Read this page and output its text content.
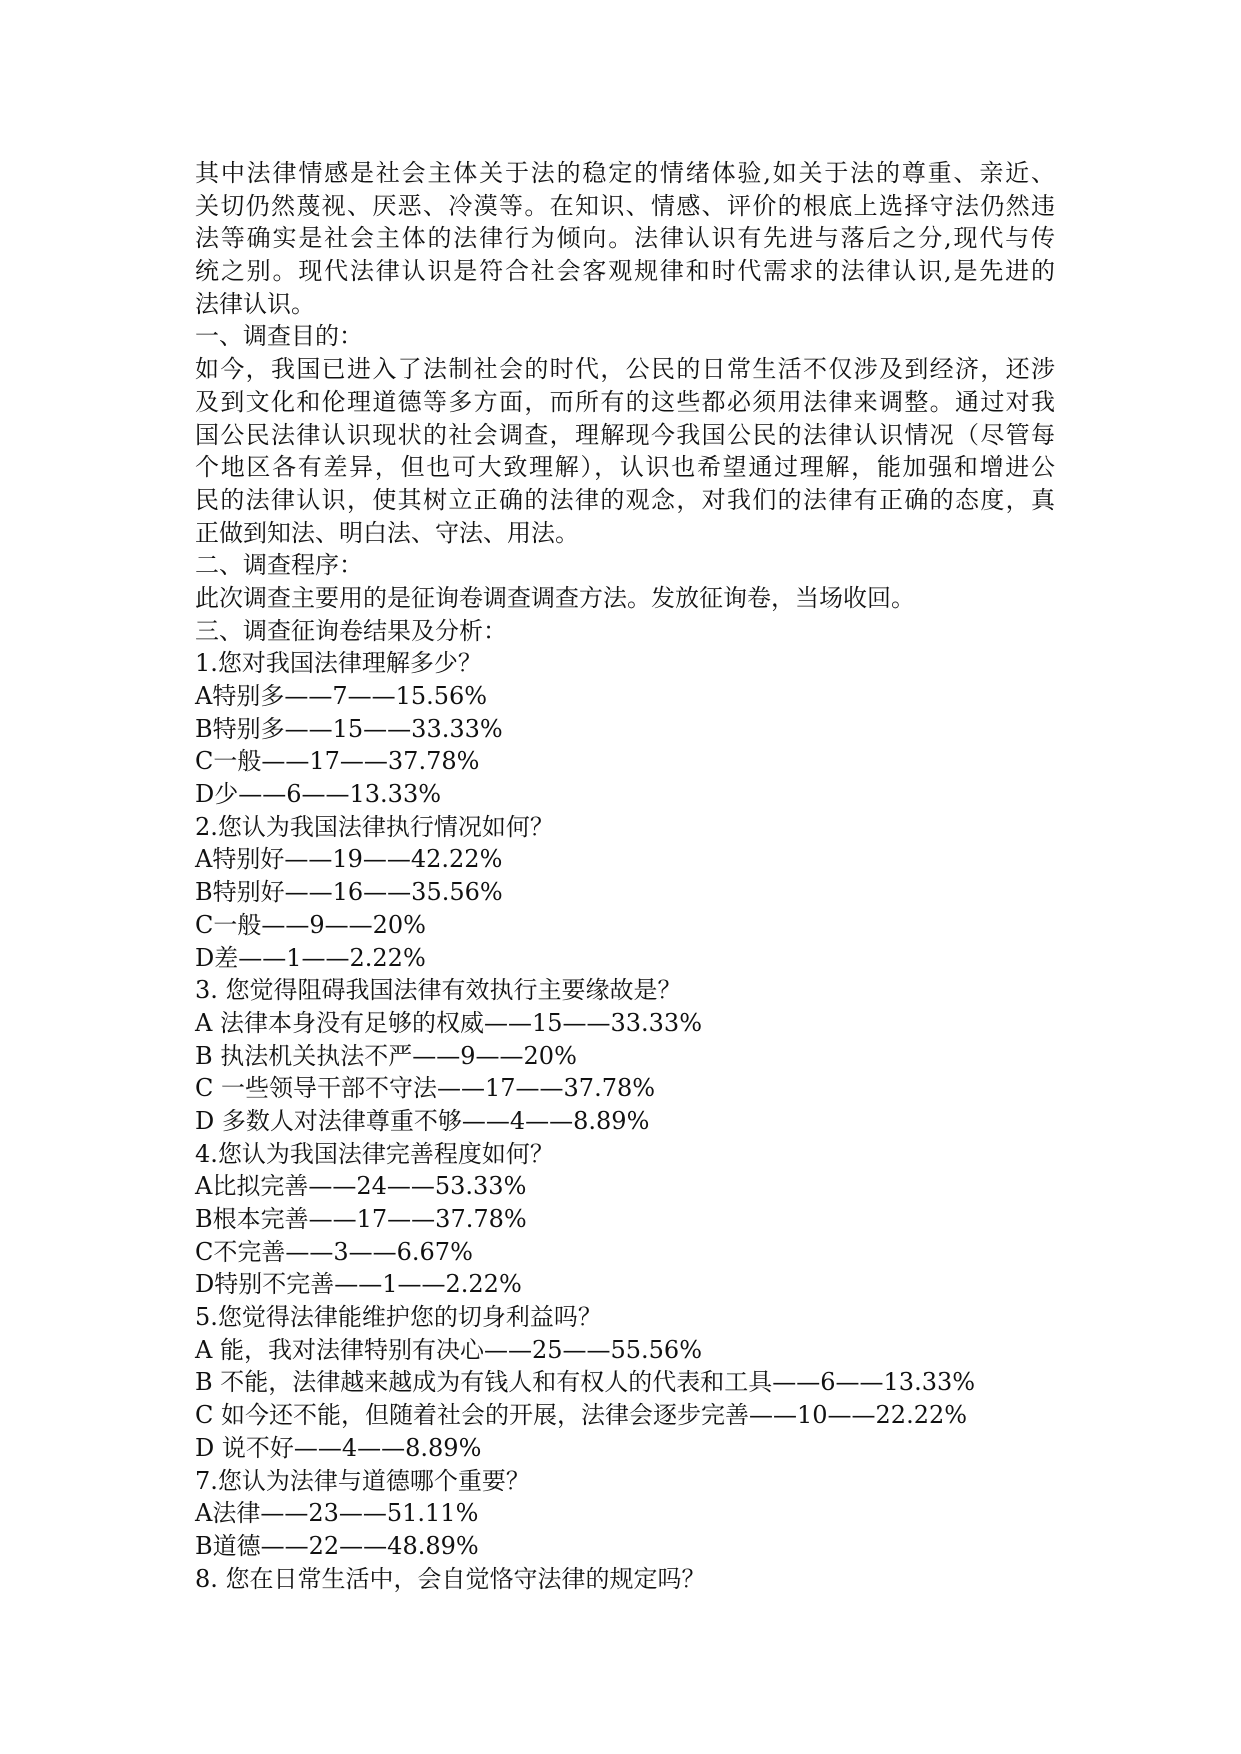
其中法律情感是社会主体关于法的稳定的情绪体验,如关于法的尊重、亲近、
关切仍然蔑视、厌恶、冷漠等。在知识、情感、评价的根底上选择守法仍然违
法等确实是社会主体的法律行为倾向。法律认识有先进与落后之分,现代与传
统之别。现代法律认识是符合社会客观规律和时代需求的法律认识,是先进的
法律认识。
一、调查目的：
如今，我国已进入了法制社会的时代，公民的日常生活不仅涉及到经济，还涉
及到文化和伦理道德等多方面，而所有的这些都必须用法律来调整。通过对我
国公民法律认识现状的社会调查，理解现今我国公民的法律认识情况（尽管每
个地区各有差异，但也可大致理解），认识也希望通过理解，能加强和增进公
民的法律认识，使其树立正确的法律的观念，对我们的法律有正确的态度，真
正做到知法、明白法、守法、用法。
二、调查程序：
此次调查主要用的是征询卷调查调查方法。发放征询卷，当场收回。
三、调查征询卷结果及分析：
1.您对我国法律理解多少？
A特别多——7——15.56%
B特别多——15——33.33%
C一般——17——37.78%
D少——6——13.33%
2.您认为我国法律执行情况如何？
A特别好——19——42.22%
B特别好——16——35.56%
C一般——9——20%
D差——1——2.22%
3. 您觉得阻碍我国法律有效执行主要缘故是？
A 法律本身没有足够的权威——15——33.33%
B 执法机关执法不严——9——20%
C 一些领导干部不守法——17——37.78%
D 多数人对法律尊重不够——4——8.89%
4.您认为我国法律完善程度如何？
A比拟完善——24——53.33%
B根本完善——17——37.78%
C不完善——3——6.67%
D特别不完善——1——2.22%
5.您觉得法律能维护您的切身利益吗？
A 能，我对法律特别有决心——25——55.56%
B 不能，法律越来越成为有钱人和有权人的代表和工具——6——13.33%
C 如今还不能，但随着社会的开展，法律会逐步完善——10——22.22%
D 说不好——4——8.89%
7.您认为法律与道德哪个重要？
A法律——23——51.11%
B道德——22——48.89%
8. 您在日常生活中，会自觉恪守法律的规定吗？
